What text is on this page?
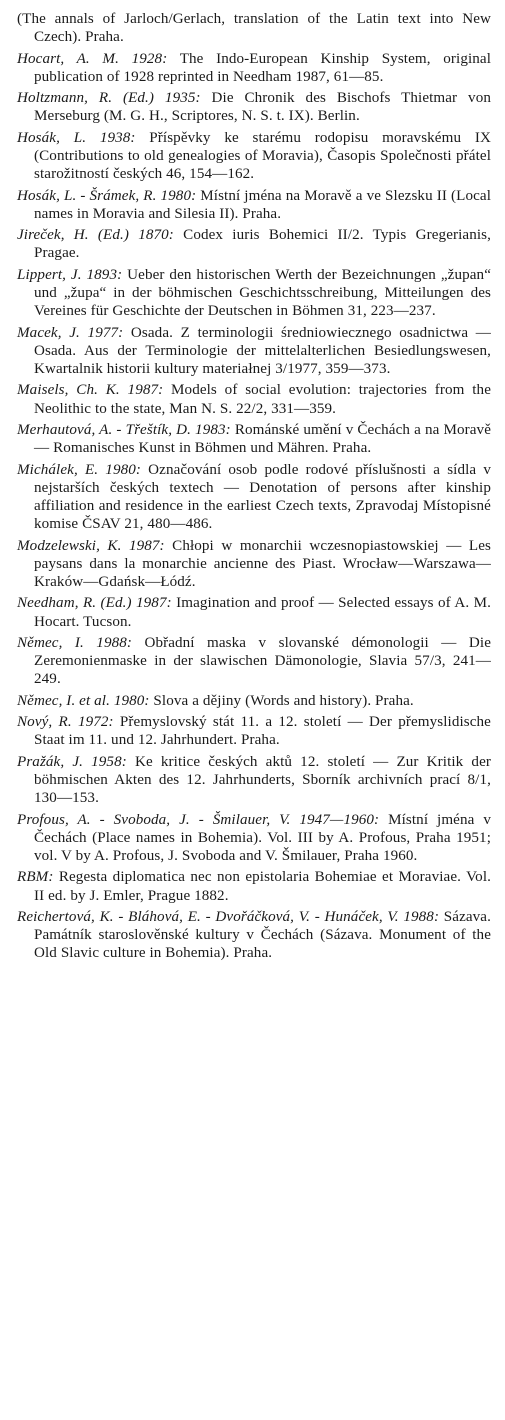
(The annals of Jarloch/Gerlach, translation of the Latin text into New Czech). Praha.

Hocart, A. M. 1928: The Indo-European Kinship System, original publication of 1928 reprinted in Needham 1987, 61—85.

Holtzmann, R. (Ed.) 1935: Die Chronik des Bischofs Thietmar von Merseburg (M. G. H., Scriptores, N. S. t. IX). Berlin.

Hosák, L. 1938: Příspěvky ke starému rodopisu moravskému IX (Contributions to old genealogies of Moravia), Časopis Společnosti přátel starožitností českých 46, 154—162.

Hosák, L. - Šrámek, R. 1980: Místní jména na Moravě a ve Slezsku II (Local names in Moravia and Silesia II). Praha.

Jireček, H. (Ed.) 1870: Codex iuris Bohemici II/2. Typis Gregerianis, Pragae.

Lippert, J. 1893: Ueber den historischen Werth der Bezeichnungen „župan“ und „župa“ in der böhmischen Geschichtsschreibung, Mitteilungen des Vereines für Geschichte der Deutschen in Böhmen 31, 223—237.

Macek, J. 1977: Osada. Z terminologii średniowiecznego osadnictwa — Osada. Aus der Terminologie der mittelalterlichen Besiedlungswesen, Kwartalnik historii kultury materiałnej 3/1977, 359—373.

Maisels, Ch. K. 1987: Models of social evolution: trajectories from the Neolithic to the state, Man N. S. 22/2, 331—359.

Merhautová, A. - Třeštík, D. 1983: Románské umění v Čechách a na Moravě — Romanisches Kunst in Böhmen und Mähren. Praha.

Michálek, E. 1980: Označování osob podle rodové příslušnosti a sídla v nejstarších českých textech — Denotation of persons after kinship affiliation and residence in the earliest Czech texts, Zpravodaj Místopisné komise ČSAV 21, 480—486.

Modzelewski, K. 1987: Chłopi w monarchii wczesnopiastowskiej — Les paysans dans la monarchie ancienne des Piast. Wrocław—Warszawa—Kraków—Gdańsk—Łódź.

Needham, R. (Ed.) 1987: Imagination and proof — Selected essays of A. M. Hocart. Tucson.

Němec, I. 1988: Obřadní maska v slovanské démonologii — Die Zeremonienmaske in der slawischen Dämonologie, Slavia 57/3, 241—249.

Němec, I. et al. 1980: Slova a dějiny (Words and history). Praha.

Nový, R. 1972: Přemyslovský stát 11. a 12. století — Der přemyslidische Staat im 11. und 12. Jahrhundert. Praha.

Pražák, J. 1958: Ke kritice českých aktů 12. století — Zur Kritik der böhmischen Akten des 12. Jahrhunderts, Sborník archivních prací 8/1, 130—153.

Profous, A. - Svoboda, J. - Šmilauer, V. 1947—1960: Místní jména v Čechách (Place names in Bohemia). Vol. III by A. Profous, Praha 1951; vol. V by A. Profous, J. Svoboda and V. Šmilauer, Praha 1960.

RBM: Regesta diplomatica nec non epistolaria Bohemiae et Moraviae. Vol. II ed. by J. Emler, Prague 1882.

Reichertová, K. - Bláhová, E. - Dvořáčková, V. - Hunáček, V. 1988: Sázava. Památník staroslověnské kultury v Čechách (Sázava. Monument of the Old Slavic culture in Bohemia). Praha.
